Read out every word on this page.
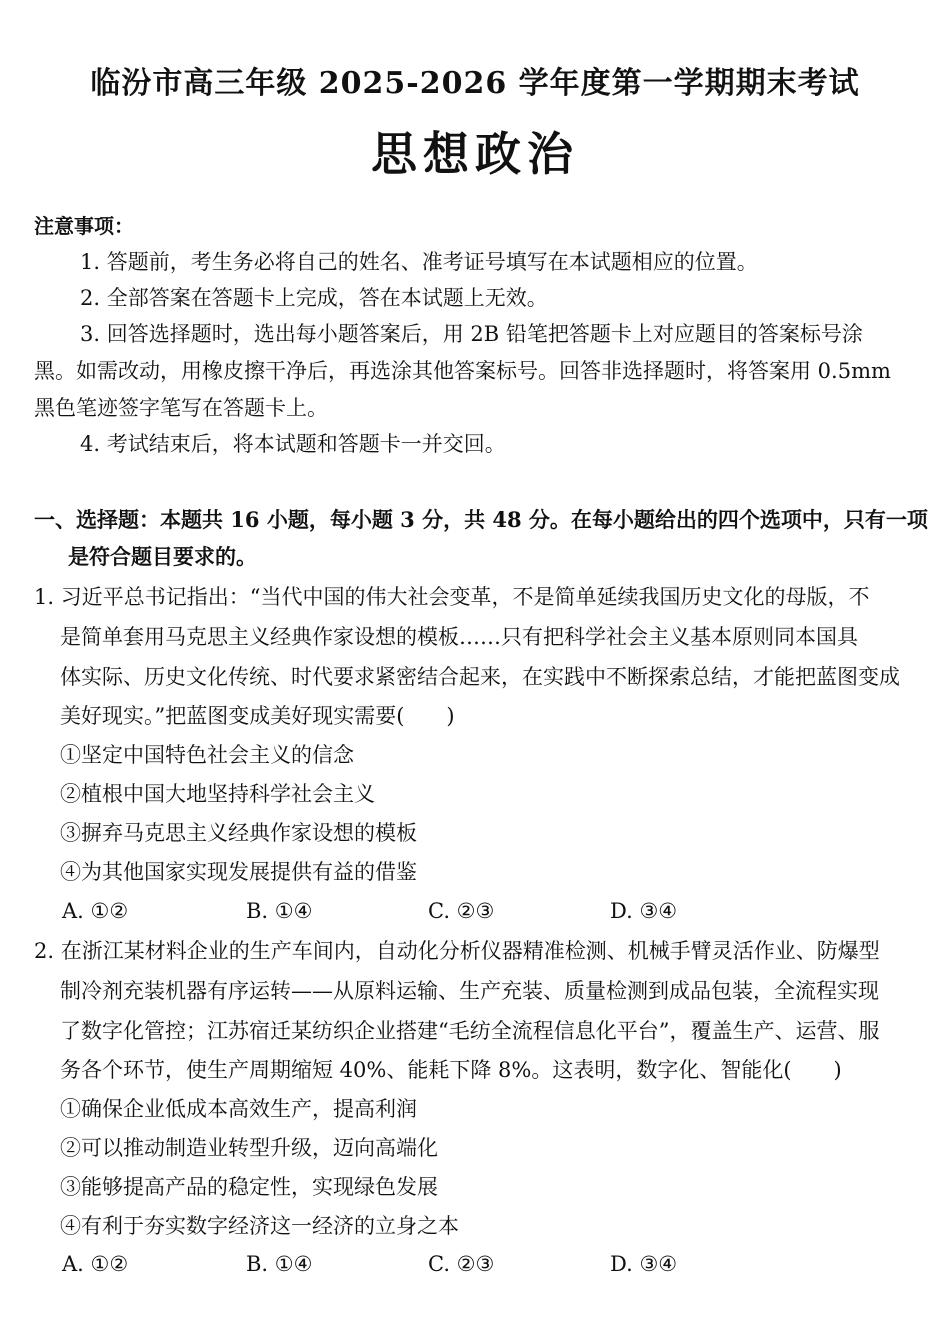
临汾市高三年级 2025-2026 学年度第一学期期末考试
思想政治
注意事项：
1. 答题前，考生务必将自己的姓名、准考证号填写在本试题相应的位置。
2. 全部答案在答题卡上完成，答在本试题上无效。
3. 回答选择题时，选出每小题答案后，用 2B 铅笔把答题卡上对应题目的答案标号涂
黑。如需改动，用橡皮擦干净后，再选涂其他答案标号。回答非选择题时，将答案用 0.5mm
黑色笔迹签字笔写在答题卡上。
4. 考试结束后，将本试题和答题卡一并交回。
一、选择题：本题共 16 小题，每小题 3 分，共 48 分。在每小题给出的四个选项中，只有一项
是符合题目要求的。
1. 习近平总书记指出：“当代中国的伟大社会变革，不是简单延续我国历史文化的母版，不
是简单套用马克思主义经典作家设想的模板……只有把科学社会主义基本原则同本国具
体实际、历史文化传统、时代要求紧密结合起来，在实践中不断探索总结，才能把蓝图变成
美好现实。”把蓝图变成美好现实需要(　　)
①坚定中国特色社会主义的信念
②植根中国大地坚持科学社会主义
③摒弃马克思主义经典作家设想的模板
④为其他国家实现发展提供有益的借鉴
A. ①②	B. ①④	C. ②③	D. ③④
2. 在浙江某材料企业的生产车间内，自动化分析仪器精准检测、机械手臂灵活作业、防爆型
制冷剂充装机器有序运转——从原料运输、生产充装、质量检测到成品包装，全流程实现
了数字化管控；江苏宿迁某纺织企业搭建“毛纺全流程信息化平台”，覆盖生产、运营、服
务各个环节，使生产周期缩短 40%、能耗下降 8%。这表明，数字化、智能化(　　)
①确保企业低成本高效生产，提高利润
②可以推动制造业转型升级，迈向高端化
③能够提高产品的稳定性，实现绿色发展
④有利于夯实数字经济这一经济的立身之本
A. ①②	B. ①④	C. ②③	D. ③④
